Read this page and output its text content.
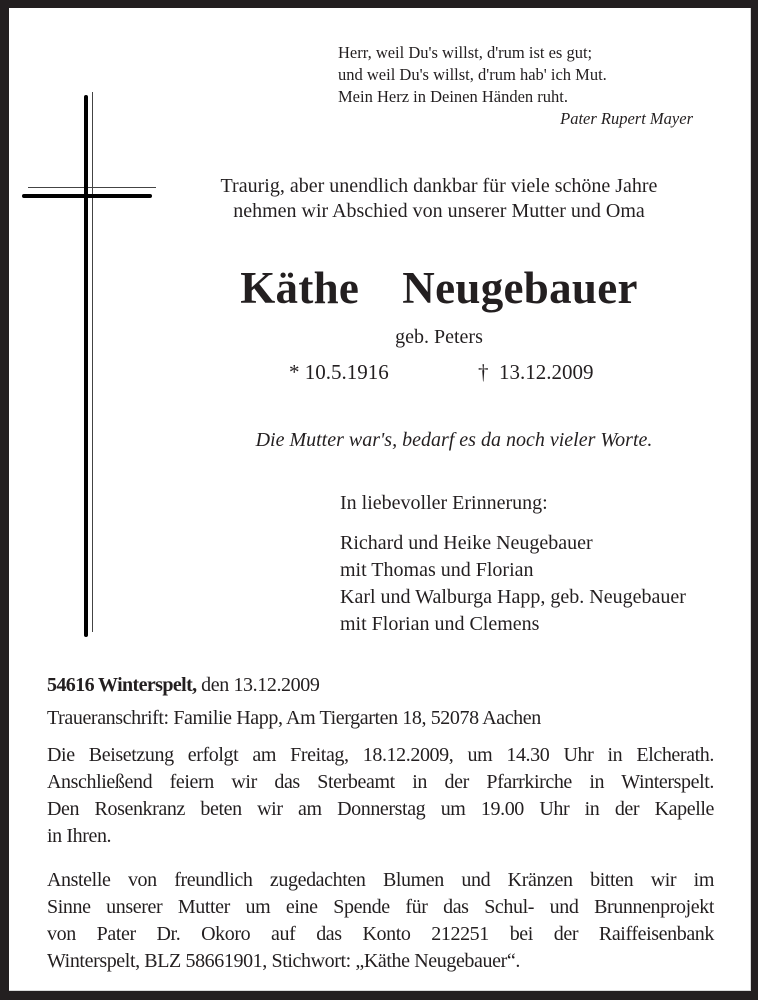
Herr, weil Du's willst, d'rum ist es gut;
und weil Du's willst, d'rum hab' ich Mut.
Mein Herz in Deinen Händen ruht.
Pater Rupert Mayer
Traurig, aber unendlich dankbar für viele schöne Jahre
nehmen wir Abschied von unserer Mutter und Oma
Käthe  Neugebauer
geb. Peters
* 10.5.1916	†  13.12.2009
Die Mutter war's, bedarf es da noch vieler Worte.
In liebevoller Erinnerung:
Richard und Heike Neugebauer
mit Thomas und Florian
Karl und Walburga Happ, geb. Neugebauer
mit Florian und Clemens
54616 Winterspelt, den 13.12.2009
Traueranschrift: Familie Happ, Am Tiergarten 18, 52078 Aachen
Die Beisetzung erfolgt am Freitag, 18.12.2009, um 14.30 Uhr in Elcherath.
Anschließend feiern wir das Sterbeamt in der Pfarrkirche in Winterspelt.
Den Rosenkranz beten wir am Donnerstag um 19.00 Uhr in der Kapelle
in Ihren.
Anstelle von freundlich zugedachten Blumen und Kränzen bitten wir im
Sinne unserer Mutter um eine Spende für das Schul- und Brunnenprojekt
von Pater Dr. Okoro auf das Konto 212251 bei der Raiffeisenbank
Winterspelt, BLZ 58661901, Stichwort: „Käthe Neugebauer“.
